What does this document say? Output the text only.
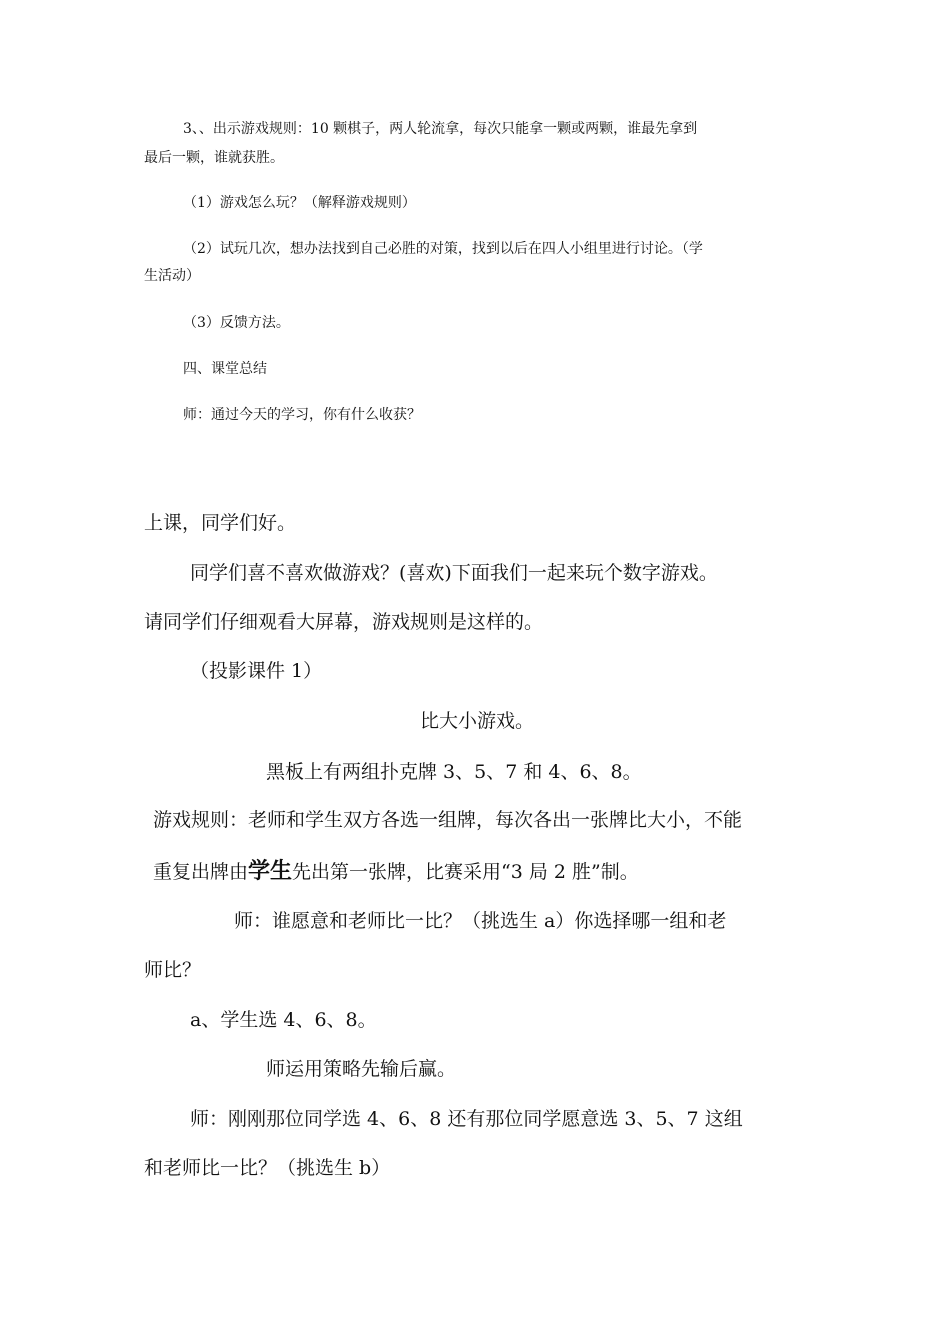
3、、出示游戏规则：10 颗棋子，两人轮流拿，每次只能拿一颗或两颗，谁最先拿到

最后一颗，谁就获胜。

（1）游戏怎么玩？（解释游戏规则）

（2）试玩几次，想办法找到自己必胜的对策，找到以后在四人小组里进行讨论。（学

生活动）

（3）反馈方法。

四、课堂总结

师：通过今天的学习，你有什么收获？

上课，同学们好。

同学们喜不喜欢做游戏？(喜欢)下面我们一起来玩个数字游戏。

请同学们仔细观看大屏幕，游戏规则是这样的。

（投影课件 1）

比大小游戏。

黑板上有两组扑克牌 3、5、7 和 4、6、8。

游戏规则：老师和学生双方各选一组牌，每次各出一张牌比大小，不能

重复出牌由学生先出第一张牌，比赛采用“3 局 2 胜”制。

师：谁愿意和老师比一比？（挑选生 a）你选择哪一组和老

师比？

a、学生选 4、6、8。

师运用策略先输后赢。

师：刚刚那位同学选 4、6、8 还有那位同学愿意选 3、5、7 这组

和老师比一比？（挑选生 b）
